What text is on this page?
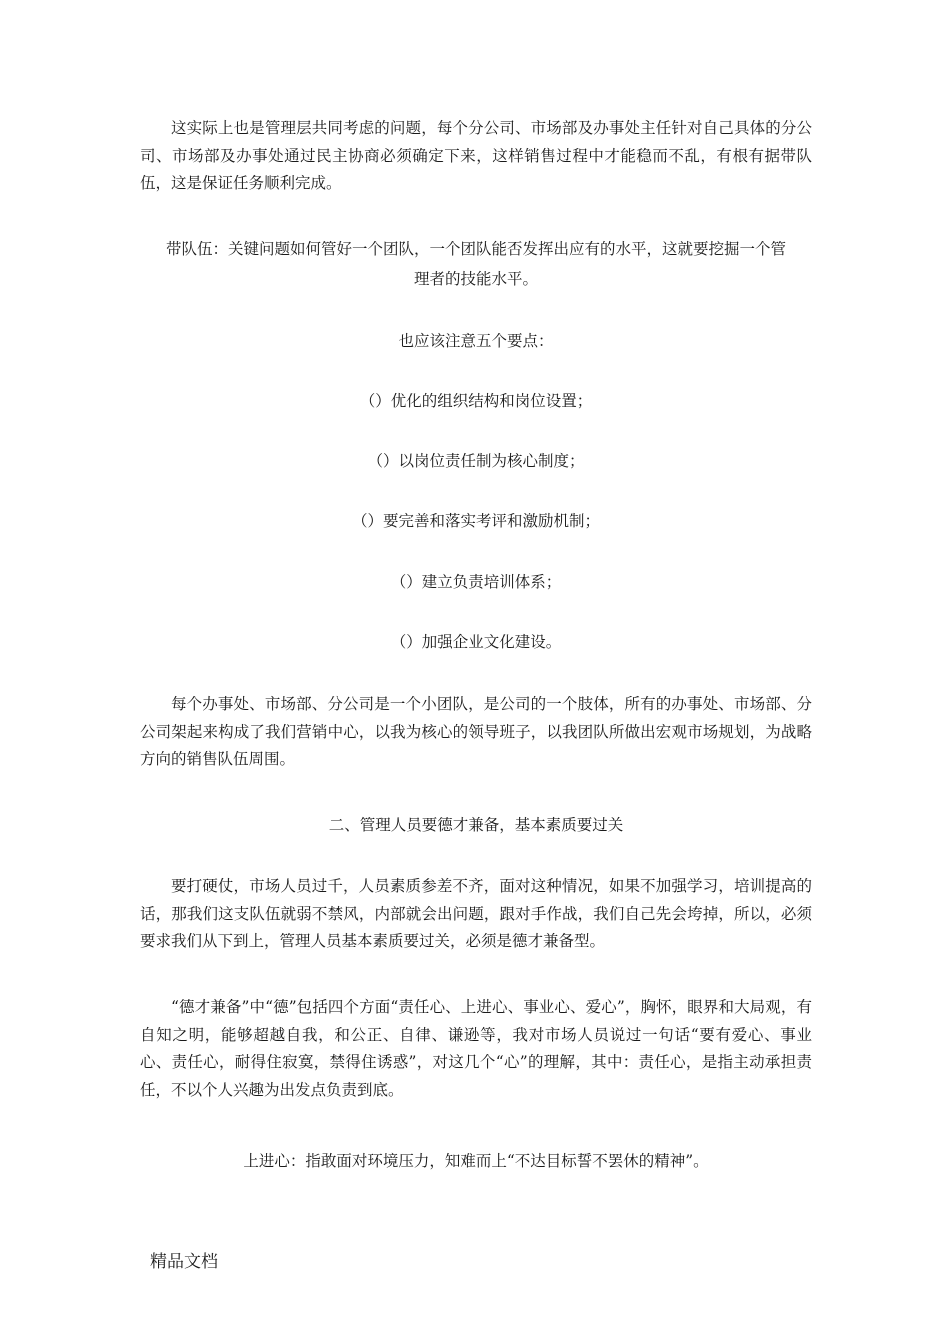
这实际上也是管理层共同考虑的问题，每个分公司、市场部及办事处主任针对自己具体的分公司、市场部及办事处通过民主协商必须确定下来，这样销售过程中才能稳而不乱，有根有据带队伍，这是保证任务顺利完成。

带队伍：关键问题如何管好一个团队，一个团队能否发挥出应有的水平，这就要挖掘一个管

理者的技能水平。

也应该注意五个要点：

（）优化的组织结构和岗位设置；

（）以岗位责任制为核心制度；

（）要完善和落实考评和激励机制；

（）建立负责培训体系；

（）加强企业文化建设。

每个办事处、市场部、分公司是一个小团队，是公司的一个肢体，所有的办事处、市场部、分公司架起来构成了我们营销中心，以我为核心的领导班子，以我团队所做出宏观市场规划，为战略方向的销售队伍周围。

二、管理人员要德才兼备，基本素质要过关

要打硬仗，市场人员过千，人员素质参差不齐，面对这种情况，如果不加强学习，培训提高的话，那我们这支队伍就弱不禁风，内部就会出问题，跟对手作战，我们自己先会垮掉，所以，必须要求我们从下到上，管理人员基本素质要过关，必须是德才兼备型。

“德才兼备”中“德”包括四个方面“责任心、上进心、事业心、爱心”，胸怀，眼界和大局观，有自知之明，能够超越自我，和公正、自律、谦逊等，我对市场人员说过一句话“要有爱心、事业心、责任心，耐得住寂寞，禁得住诱惑”，对这几个“心”的理解，其中：责任心，是指主动承担责任，不以个人兴趣为出发点负责到底。

上进心：指敢面对环境压力，知难而上“不达目标誓不罢休的精神”。

精品文档
